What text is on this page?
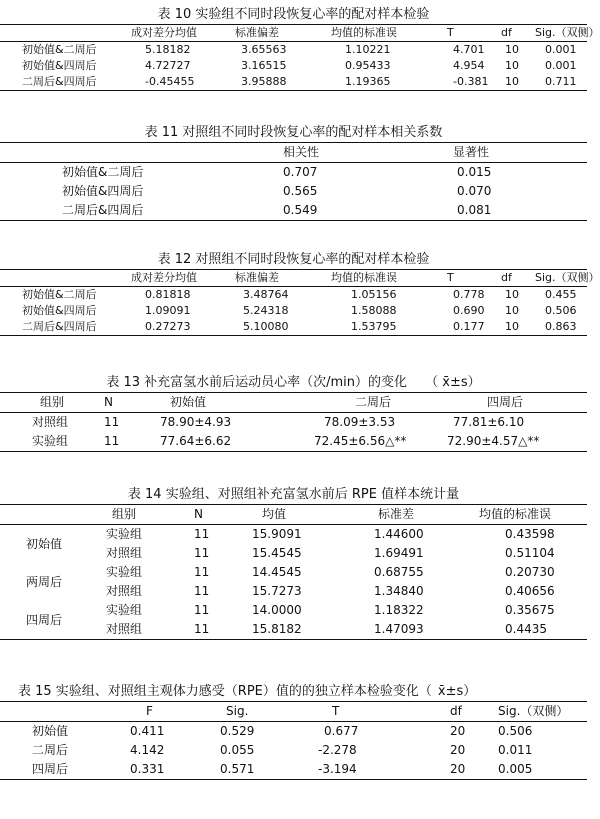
表 10 实验组不同时段恢复心率的配对样本检验
	成对差分均值	标准偏差	均值的标准误	T	df	Sig.（双侧）
初始值&二周后	5.18182	3.65563	1.10221	4.701	10	0.001
初始值&四周后	4.72727	3.16515	0.95433	4.954	10	0.001
二周后&四周后	-0.45455	3.95888	1.19365	-0.381	10	0.711
表 11 对照组不同时段恢复心率的配对样本相关系数
	相关性	显著性
初始值&二周后	0.707	0.015
初始值&四周后	0.565	0.070
二周后&四周后	0.549	0.081
表 12 对照组不同时段恢复心率的配对样本检验
	成对差分均值	标准偏差	均值的标准误	T	df	Sig.（双侧）
初始值&二周后	0.81818	3.48764	1.05156	0.778	10	0.455
初始值&四周后	1.09091	5.24318	1.58088	0.690	10	0.506
二周后&四周后	0.27273	5.10080	1.53795	0.177	10	0.863
表 13 补充富氢水前后运动员心率（次/min）的变化 （ x̄±s）
组别	N	初始值	二周后	四周后
对照组	11	78.90±4.93	78.09±3.53	77.81±6.10
实验组	11	77.64±6.62	72.45±6.56△**	72.90±4.57△**
表 14 实验组、对照组补充富氢水前后 RPE 值样本统计量
	组别	N	均值	标准差	均值的标准误
初始值	实验组	11	15.9091	1.44600	0.43598
	对照组	11	15.4545	1.69491	0.51104
两周后	实验组	11	14.4545	0.68755	0.20730
	对照组	11	15.7273	1.34840	0.40656
四周后	实验组	11	14.0000	1.18322	0.35675
	对照组	11	15.8182	1.47093	0.4435
表 15 实验组、对照组主观体力感受（RPE）值的的独立样本检验变化（ x̄±s）
	F	Sig.	T	df	Sig.（双侧）
初始值	0.411	0.529	0.677	20	0.506
二周后	4.142	0.055	-2.278	20	0.011
四周后	0.331	0.571	-3.194	20	0.005
